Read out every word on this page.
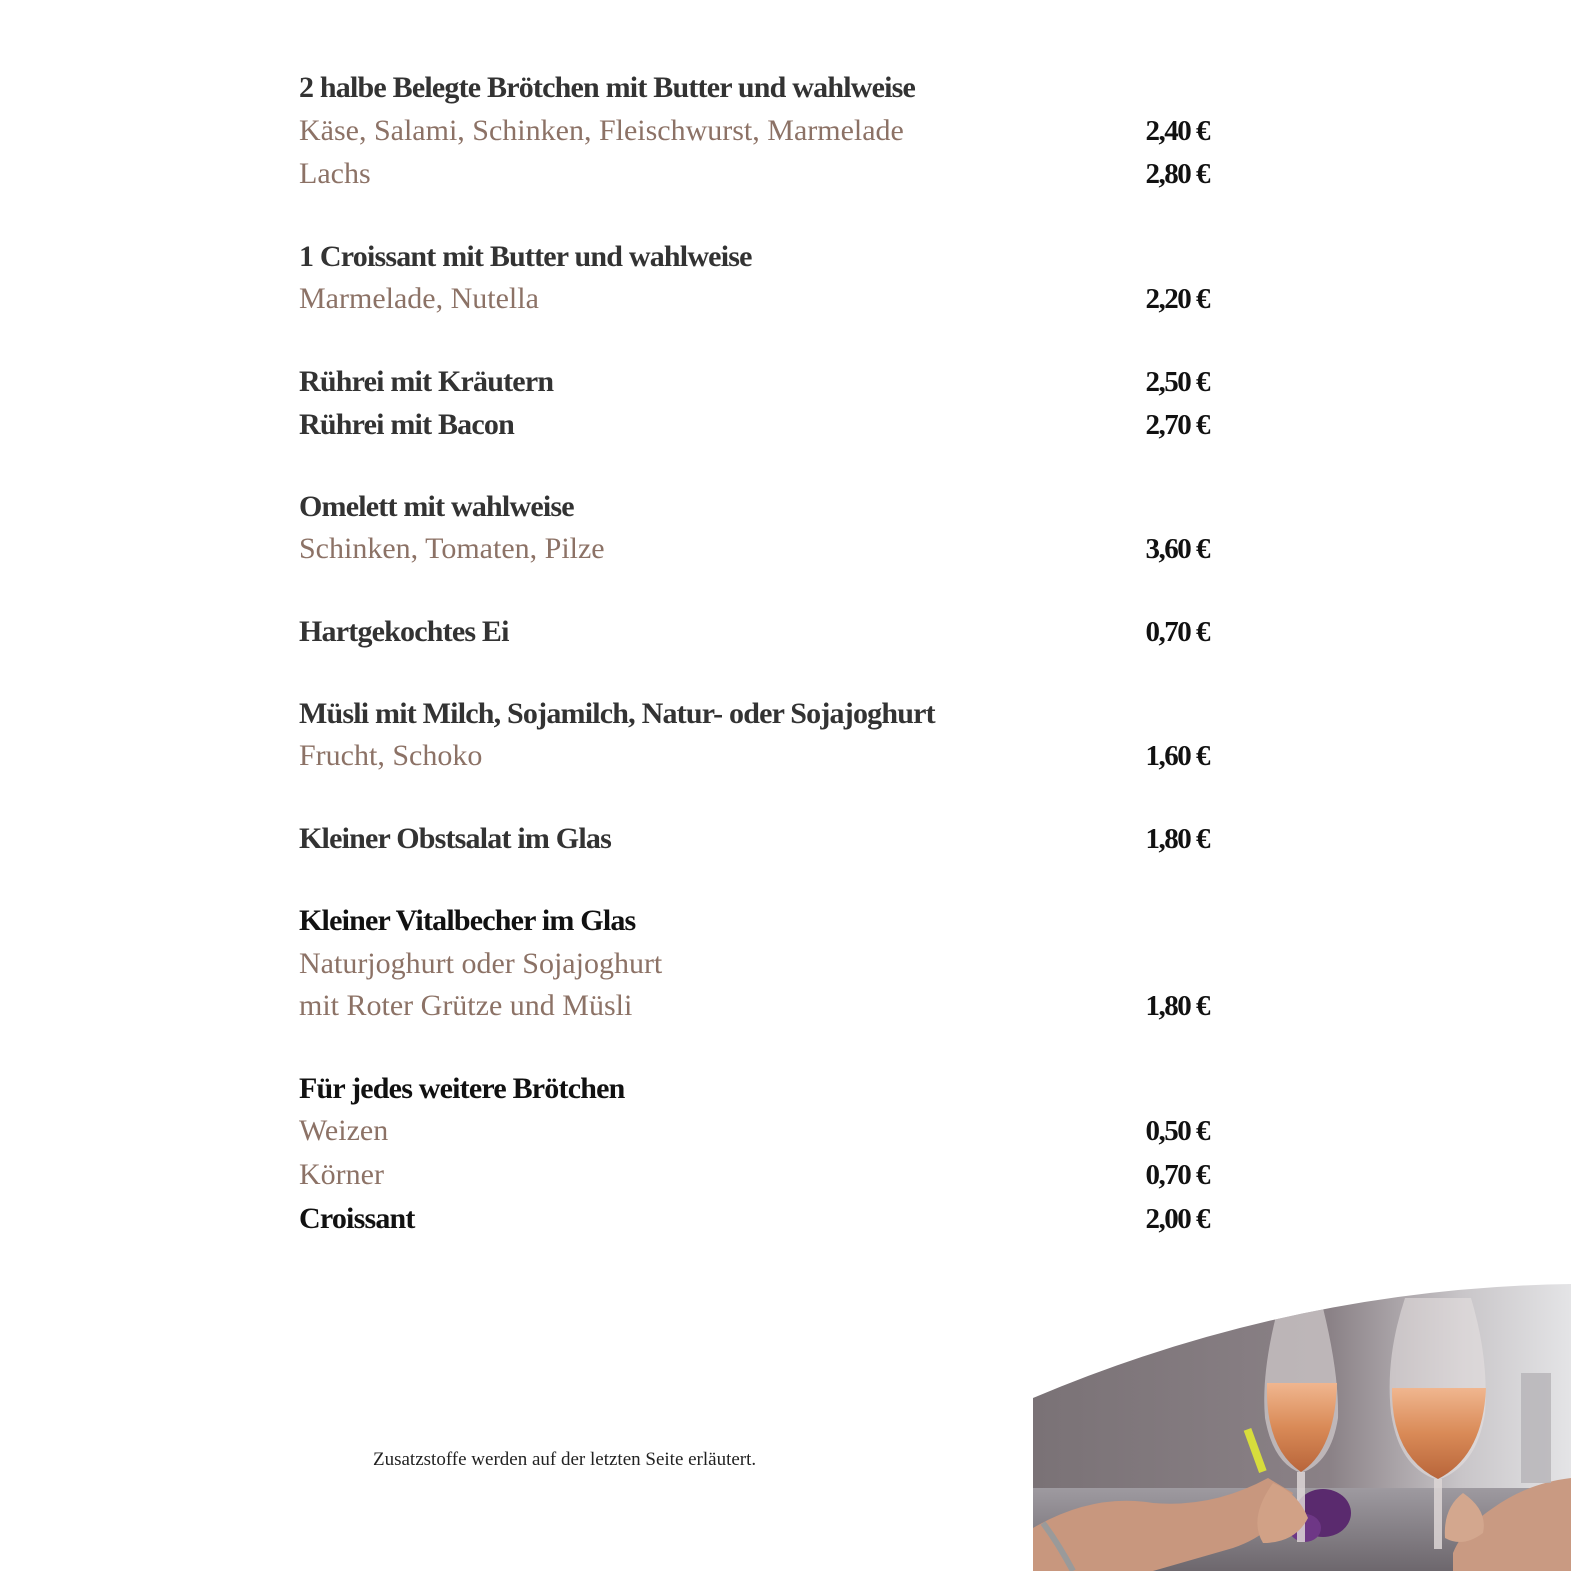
2 halbe Belegte Brötchen mit Butter und wahlweise
Käse, Salami, Schinken, Fleischwurst, Marmelade	2,40 €
Lachs	2,80 €
1 Croissant mit Butter und wahlweise
Marmelade, Nutella	2,20 €
Rührei mit Kräutern	2,50 €
Rührei mit Bacon	2,70 €
Omelett mit wahlweise
Schinken, Tomaten, Pilze	3,60 €
Hartgekochtes Ei	0,70 €
Müsli mit Milch, Sojamilch, Natur- oder Sojajoghurt
Frucht, Schoko	1,60 €
Kleiner Obstsalat im Glas	1,80 €
Kleiner Vitalbecher im Glas
Naturjoghurt oder Sojajoghurt
mit Roter Grütze und Müsli	1,80 €
Für jedes weitere Brötchen
Weizen	0,50 €
Körner	0,70 €
Croissant	2,00 €
Zusatzstoffe werden auf der letzten Seite erläutert.
